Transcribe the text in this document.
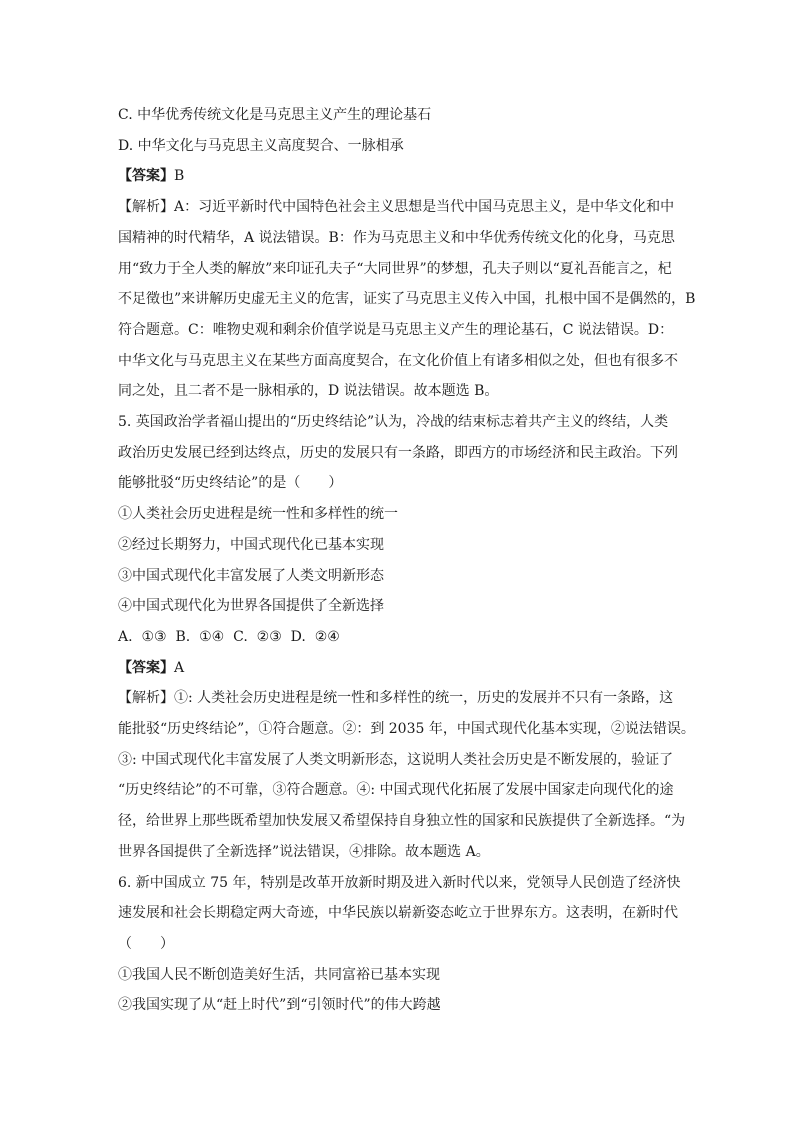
C. 中华优秀传统文化是马克思主义产生的理论基石
D. 中华文化与马克思主义高度契合、一脉相承
【答案】B
【解析】A：习近平新时代中国特色社会主义思想是当代中国马克思主义，是中华文化和中
国精神的时代精华，A 说法错误。B：作为马克思主义和中华优秀传统文化的化身，马克思
用“致力于全人类的解放”来印证孔夫子“大同世界”的梦想，孔夫子则以“夏礼吾能言之，杞
不足徵也”来讲解历史虚无主义的危害，证实了马克思主义传入中国，扎根中国不是偶然的，B
符合题意。C：唯物史观和剩余价值学说是马克思主义产生的理论基石，C 说法错误。D：
中华文化与马克思主义在某些方面高度契合，在文化价值上有诸多相似之处，但也有很多不
同之处，且二者不是一脉相承的，D 说法错误。故本题选 B。
5. 英国政治学者福山提出的“历史终结论”认为，冷战的结束标志着共产主义的终结，人类
政治历史发展已经到达终点，历史的发展只有一条路，即西方的市场经济和民主政治。下列
能够批驳“历史终结论”的是（　　）
①人类社会历史进程是统一性和多样性的统一
②经过长期努力，中国式现代化已基本实现
③中国式现代化丰富发展了人类文明新形态
④中国式现代化为世界各国提供了全新选择
A.  ①③  B.  ①④  C.  ②③  D.  ②④
【答案】A
【解析】①: 人类社会历史进程是统一性和多样性的统一，历史的发展并不只有一条路，这
能批驳“历史终结论”，①符合题意。②：到 2035 年，中国式现代化基本实现，②说法错误。
③: 中国式现代化丰富发展了人类文明新形态，这说明人类社会历史是不断发展的，验证了
“历史终结论”的不可靠，③符合题意。④: 中国式现代化拓展了发展中国家走向现代化的途
径，给世界上那些既希望加快发展又希望保持自身独立性的国家和民族提供了全新选择。“为
世界各国提供了全新选择”说法错误，④排除。故本题选 A。
6. 新中国成立 75 年，特别是改革开放新时期及进入新时代以来，党领导人民创造了经济快
速发展和社会长期稳定两大奇迹，中华民族以崭新姿态屹立于世界东方。这表明，在新时代
（　　）
①我国人民不断创造美好生活，共同富裕已基本实现
②我国实现了从“赶上时代”到“引领时代”的伟大跨越
